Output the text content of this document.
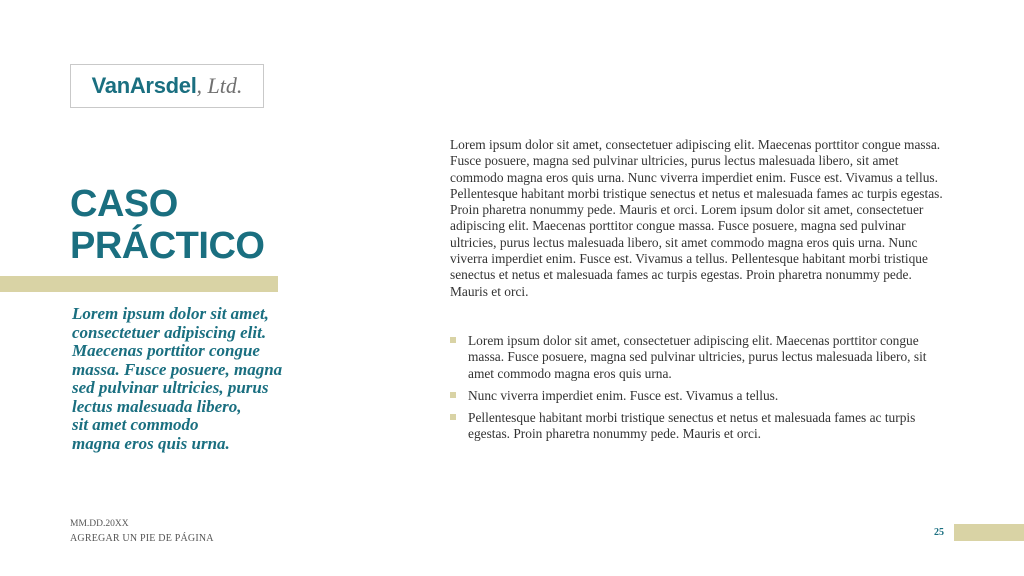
VanArsdel , Ltd.
CASO
PRÁCTICO
Lorem ipsum dolor sit amet,
consectetuer adipiscing elit.
Maecenas porttitor congue
massa. Fusce posuere, magna
sed pulvinar ultricies, purus
lectus malesuada libero,
sit amet commodo
magna eros quis urna.

Lorem ipsum dolor sit amet, consectetuer adipiscing elit. Maecenas porttitor congue massa. Fusce posuere, magna sed pulvinar ultricies, purus lectus malesuada libero, sit amet commodo magna eros quis urna. Nunc viverra imperdiet enim. Fusce est. Vivamus a tellus. Pellentesque habitant morbi tristique senectus et netus et malesuada fames ac turpis egestas. Proin pharetra nonummy pede. Mauris et orci. Lorem ipsum dolor sit amet, consectetuer adipiscing elit. Maecenas porttitor congue massa. Fusce posuere, magna sed pulvinar ultricies, purus lectus malesuada libero, sit amet commodo magna eros quis urna. Nunc viverra imperdiet enim. Fusce est. Vivamus a tellus. Pellentesque habitant morbi tristique senectus et netus et malesuada fames ac turpis egestas. Proin pharetra nonummy pede. Mauris et orci.

Lorem ipsum dolor sit amet, consectetuer adipiscing elit. Maecenas porttitor congue massa. Fusce posuere, magna sed pulvinar ultricies, purus lectus malesuada libero, sit amet commodo magna eros quis urna.
Nunc viverra imperdiet enim. Fusce est. Vivamus a tellus.
Pellentesque habitant morbi tristique senectus et netus et malesuada fames ac turpis egestas. Proin pharetra nonummy pede. Mauris et orci.
MM.DD.20XX
AGREGAR UN PIE DE PÁGINA
25
